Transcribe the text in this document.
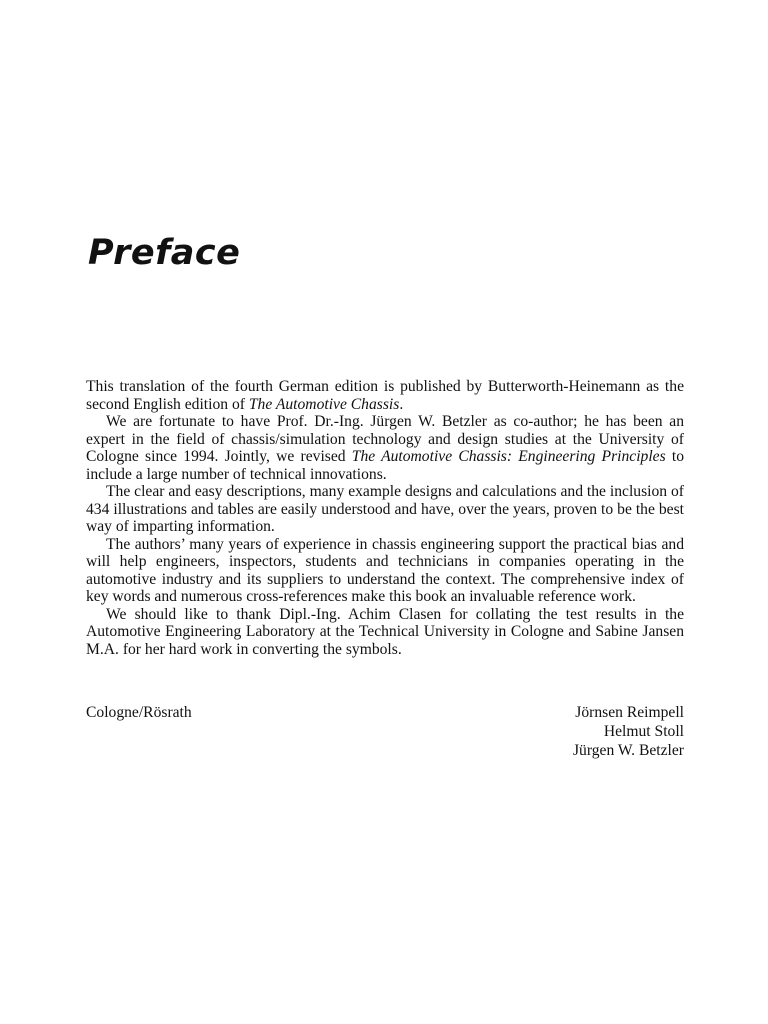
Preface

This translation of the fourth German edition is published by Butterworth-Heinemann as the second English edition of The Automotive Chassis.

We are fortunate to have Prof. Dr.-Ing. Jürgen W. Betzler as co-author; he has been an expert in the field of chassis/simulation technology and design studies at the University of Cologne since 1994. Jointly, we revised The Automotive Chassis: Engineering Principles to include a large number of technical innovations.

The clear and easy descriptions, many example designs and calculations and the inclusion of 434 illustrations and tables are easily understood and have, over the years, proven to be the best way of imparting information.

The authors’ many years of experience in chassis engineering support the practical bias and will help engineers, inspectors, students and technicians in companies operating in the automotive industry and its suppliers to understand the context. The comprehensive index of key words and numerous cross-references make this book an invaluable reference work.

We should like to thank Dipl.-Ing. Achim Clasen for collating the test results in the Automotive Engineering Laboratory at the Technical University in Cologne and Sabine Jansen M.A. for her hard work in converting the symbols.

Cologne/Rösrath	Jörnsen Reimpell
Helmut Stoll
Jürgen W. Betzler
